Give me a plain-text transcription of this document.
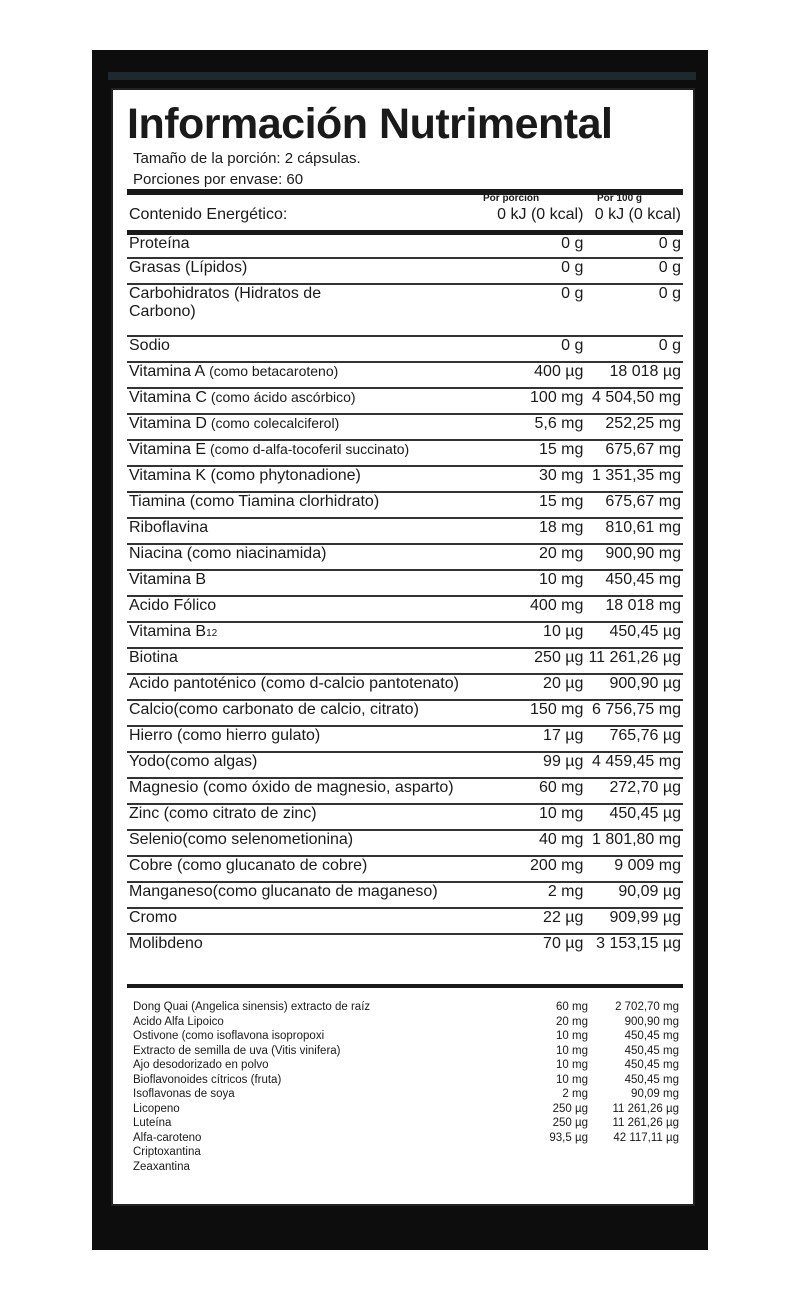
Información Nutrimental
Tamaño de la porción: 2 cápsulas.
Porciones por envase: 60
Por porción	Por 100 g
Contenido Energético:	0 kJ (0 kcal)	0 kJ (0 kcal)
Proteína	0 g	0 g
Grasas (Lípidos)	0 g	0 g
Carbohidratos (Hidratos de
Carbono)	0 g	0 g
Sodio	0 g	0 g
Vitamina A (como betacaroteno)	400 µg	18 018 µg
Vitamina C (como ácido ascórbico)	100 mg	4 504,50 mg
Vitamina D (como colecalciferol)	5,6 mg	252,25 mg
Vitamina E (como d-alfa-tocoferil succinato)	15 mg	675,67 mg
Vitamina K (como phytonadione)	30 mg	1 351,35 mg
Tiamina (como Tiamina clorhidrato)	15 mg	675,67 mg
Riboflavina	18 mg	810,61 mg
Niacina (como niacinamida)	20 mg	900,90 mg
Vitamina B	10 mg	450,45 mg
Acido Fólico	400 mg	18 018 mg
Vitamina B12	10 µg	450,45 µg
Biotina	250 µg	11 261,26 µg
Acido pantoténico (como d-calcio pantotenato)	20 µg	900,90 µg
Calcio(como carbonato de calcio, citrato)	150 mg	6 756,75 mg
Hierro (como hierro gulato)	17 µg	765,76 µg
Yodo(como algas)	99 µg	4 459,45 mg
Magnesio (como óxido de magnesio, asparto)	60 mg	272,70 µg
Zinc (como citrato de zinc)	10 mg	450,45 µg
Selenio(como selenometionina)	40 mg	1 801,80 mg
Cobre (como glucanato de cobre)	200 mg	9 009 mg
Manganeso(como glucanato de maganeso)	2 mg	90,09 µg
Cromo	22 µg	909,99 µg
Molibdeno	70 µg	3 153,15 µg
Dong Quai (Angelica sinensis) extracto de raíz	60 mg	2 702,70 mg
Acido Alfa Lipoico	20 mg	900,90 mg
Ostivone (como isoflavona isopropoxi	10 mg	450,45 mg
Extracto de semilla de uva (Vitis vinifera)	10 mg	450,45 mg
Ajo desodorizado en polvo	10 mg	450,45 mg
Bioflavonoides cítricos (fruta)	10 mg	450,45 mg
Isoflavonas de soya	2 mg	90,09 mg
Licopeno	250 µg	11 261,26 µg
Luteína	250 µg	11 261,26 µg
Alfa-caroteno	93,5 µg	42 117,11 µg
Criptoxantina		
Zeaxantina		
